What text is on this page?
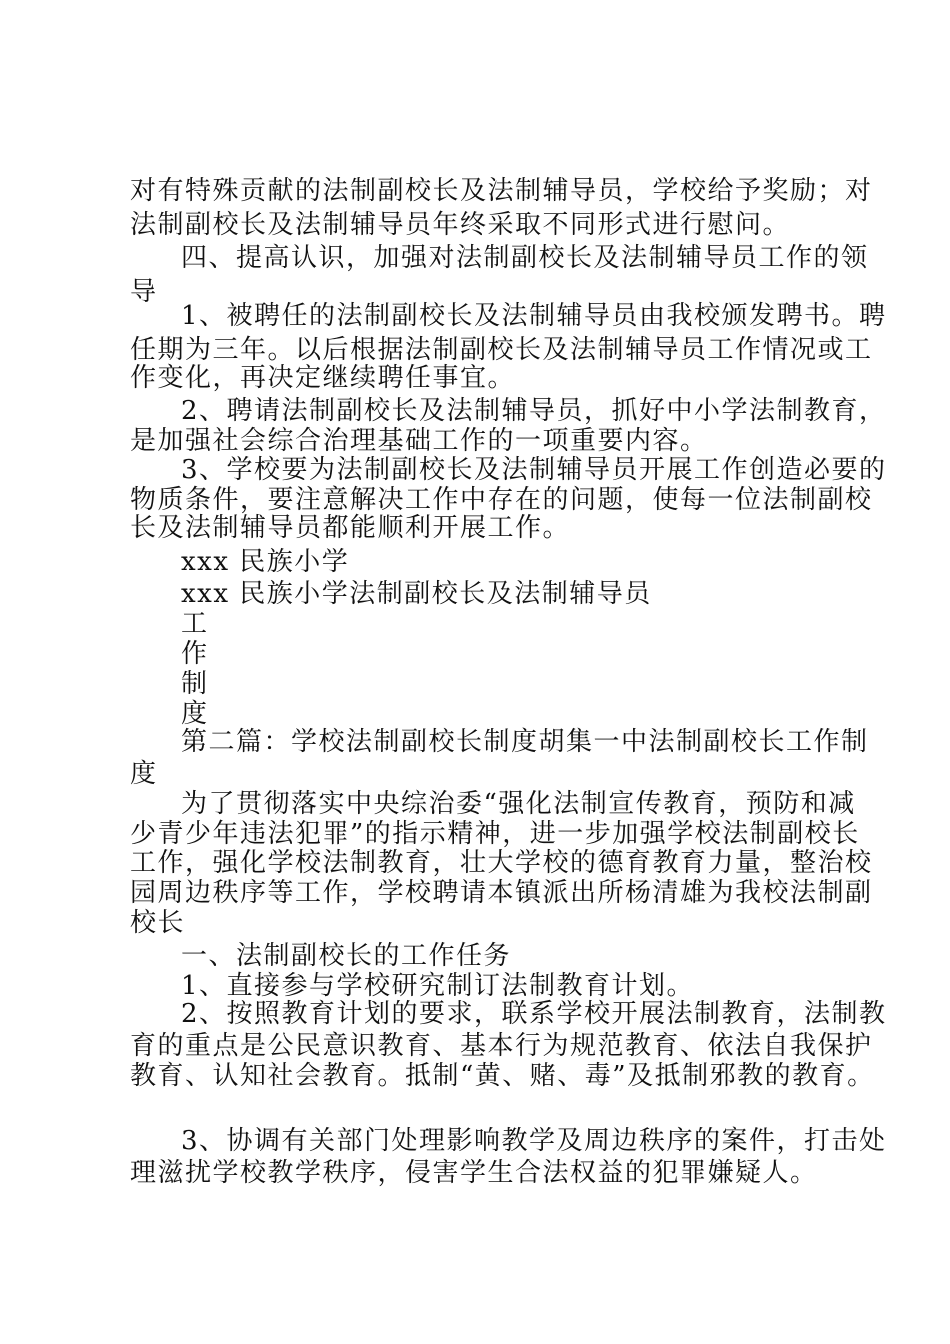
对有特殊贡献的法制副校长及法制辅导员，学校给予奖励；对
法制副校长及法制辅导员年终采取不同形式进行慰问。
四、提高认识，加强对法制副校长及法制辅导员工作的领
导
1、被聘任的法制副校长及法制辅导员由我校颁发聘书。聘
任期为三年。以后根据法制副校长及法制辅导员工作情况或工
作变化，再决定继续聘任事宜。
2、聘请法制副校长及法制辅导员，抓好中小学法制教育，
是加强社会综合治理基础工作的一项重要内容。
3、学校要为法制副校长及法制辅导员开展工作创造必要的
物质条件，要注意解决工作中存在的问题，使每一位法制副校
长及法制辅导员都能顺利开展工作。
xxx 民族小学
xxx 民族小学法制副校长及法制辅导员
工
作
制
度
第二篇：学校法制副校长制度胡集一中法制副校长工作制
度
为了贯彻落实中央综治委“强化法制宣传教育，预防和减
少青少年违法犯罪”的指示精神，进一步加强学校法制副校长
工作，强化学校法制教育，壮大学校的德育教育力量，整治校
园周边秩序等工作，学校聘请本镇派出所杨清雄为我校法制副
校长
一、法制副校长的工作任务
1、直接参与学校研究制订法制教育计划。
2、按照教育计划的要求，联系学校开展法制教育，法制教
育的重点是公民意识教育、基本行为规范教育、依法自我保护
教育、认知社会教育。抵制“黄、赌、毒”及抵制邪教的教育。
3、协调有关部门处理影响教学及周边秩序的案件，打击处
理滋扰学校教学秩序，侵害学生合法权益的犯罪嫌疑人。
